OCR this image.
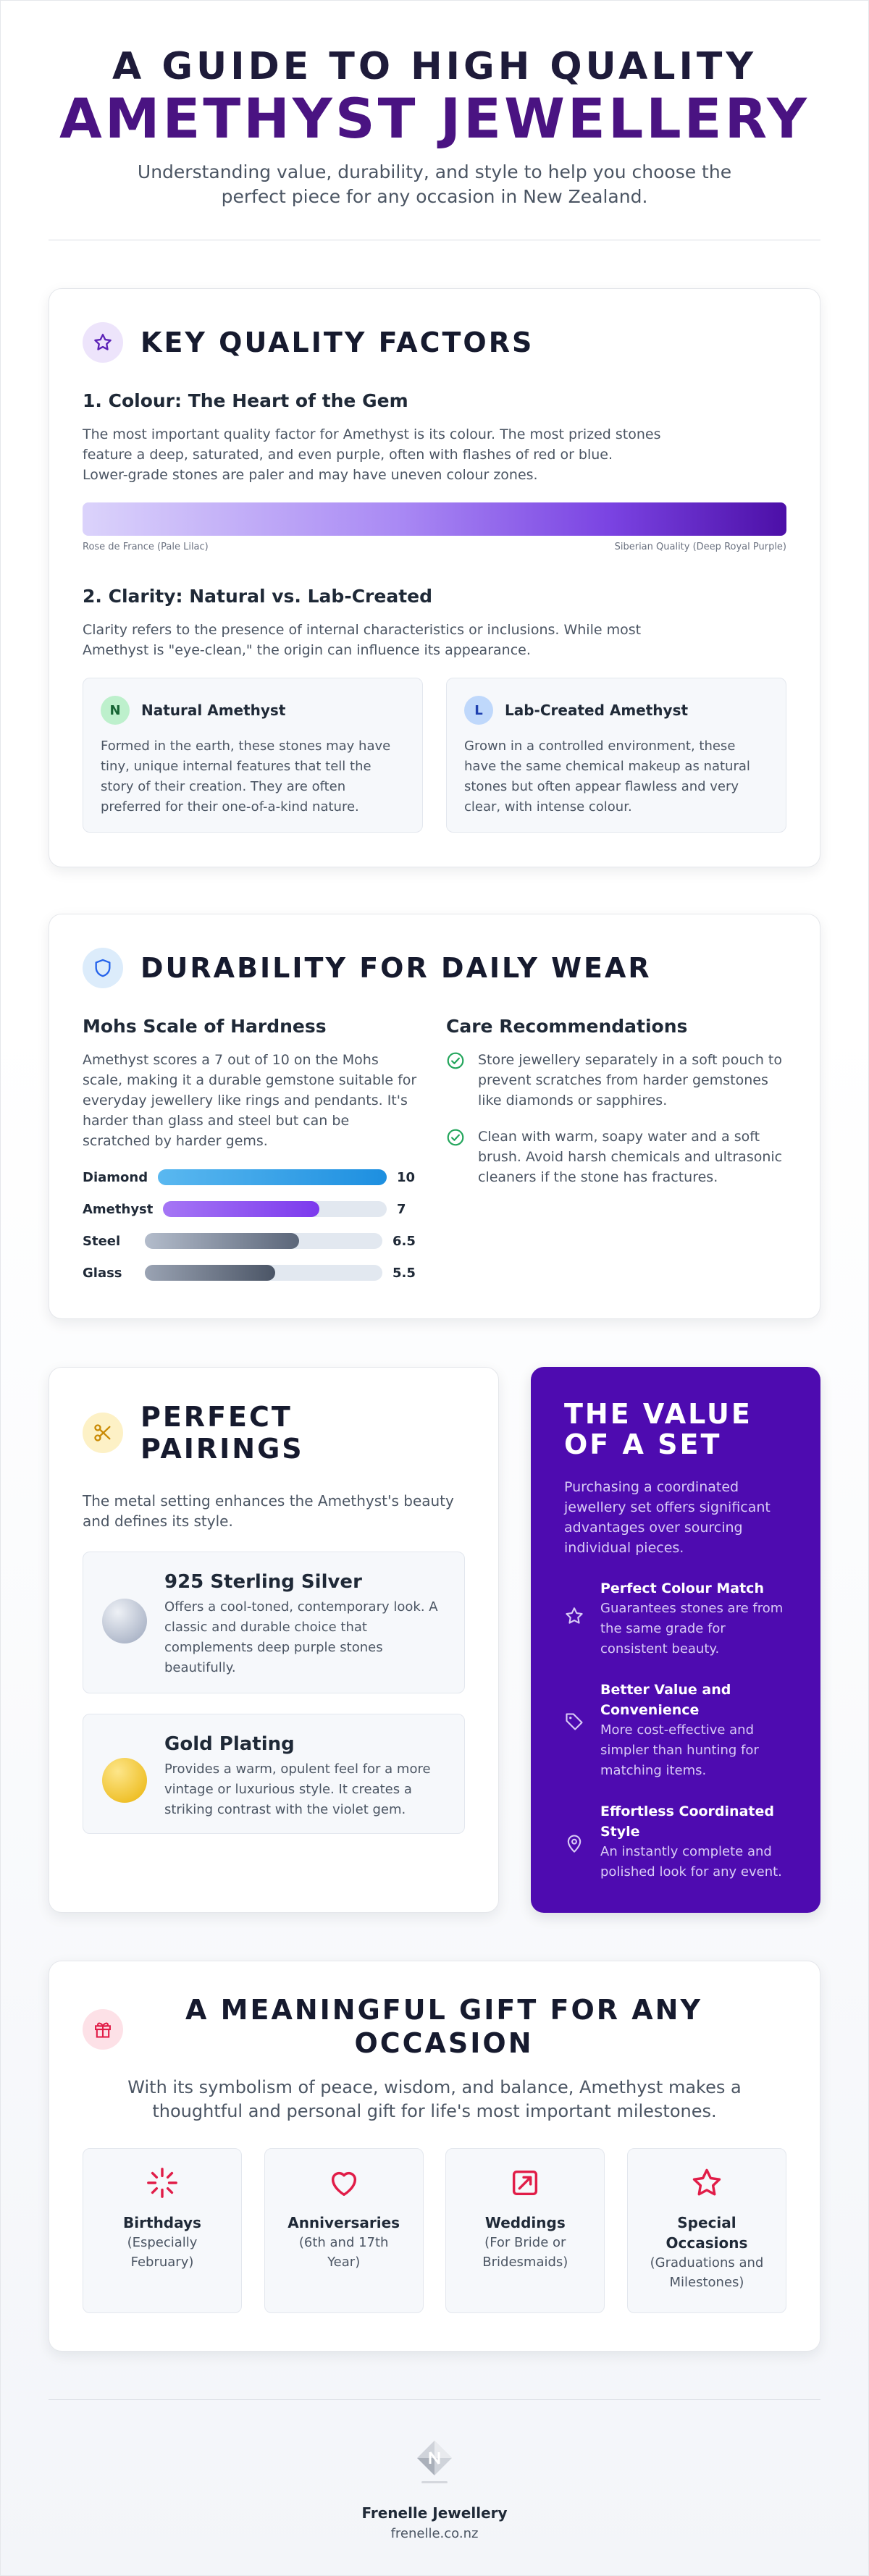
A GUIDE TO HIGH QUALITY
AMETHYST JEWELLERY
Understanding value, durability, and style to help you choose the perfect piece for any occasion in New Zealand.
KEY QUALITY FACTORS
1. Colour: The Heart of the Gem
The most important quality factor for Amethyst is its colour. The most prized stones feature a deep, saturated, and even purple, often with flashes of red or blue. Lower-grade stones are paler and may have uneven colour zones.
Rose de France (Pale Lilac)	Siberian Quality (Deep Royal Purple)
2. Clarity: Natural vs. Lab-Created
Clarity refers to the presence of internal characteristics or inclusions. While most Amethyst is "eye-clean," the origin can influence its appearance.
N	Natural Amethyst
Formed in the earth, these stones may have tiny, unique internal features that tell the story of their creation. They are often preferred for their one-of-a-kind nature.
L	Lab-Created Amethyst
Grown in a controlled environment, these have the same chemical makeup as natural stones but often appear flawless and very clear, with intense colour.
DURABILITY FOR DAILY WEAR
Mohs Scale of Hardness
Amethyst scores a 7 out of 10 on the Mohs scale, making it a durable gemstone suitable for everyday jewellery like rings and pendants. It's harder than glass and steel but can be scratched by harder gems.
Diamond	10
Amethyst	7
Steel	6.5
Glass	5.5
Care Recommendations
Store jewellery separately in a soft pouch to prevent scratches from harder gemstones like diamonds or sapphires.
Clean with warm, soapy water and a soft brush. Avoid harsh chemicals and ultrasonic cleaners if the stone has fractures.
PERFECT PAIRINGS
The metal setting enhances the Amethyst's beauty and defines its style.
925 Sterling Silver
Offers a cool-toned, contemporary look. A classic and durable choice that complements deep purple stones beautifully.
Gold Plating
Provides a warm, opulent feel for a more vintage or luxurious style. It creates a striking contrast with the violet gem.
THE VALUE
OF A SET
Purchasing a coordinated jewellery set offers significant advantages over sourcing individual pieces.
Perfect Colour Match
Guarantees stones are from the same grade for consistent beauty.
Better Value and Convenience
More cost-effective and simpler than hunting for matching items.
Effortless Coordinated Style
An instantly complete and polished look for any event.
A MEANINGFUL GIFT FOR ANY OCCASION
With its symbolism of peace, wisdom, and balance, Amethyst makes a thoughtful and personal gift for life's most important milestones.
Birthdays
(Especially February)
Anniversaries
(6th and 17th Year)
Weddings
(For Bride or Bridesmaids)
Special Occasions
(Graduations and Milestones)
Frenelle Jewellery
frenelle.co.nz
